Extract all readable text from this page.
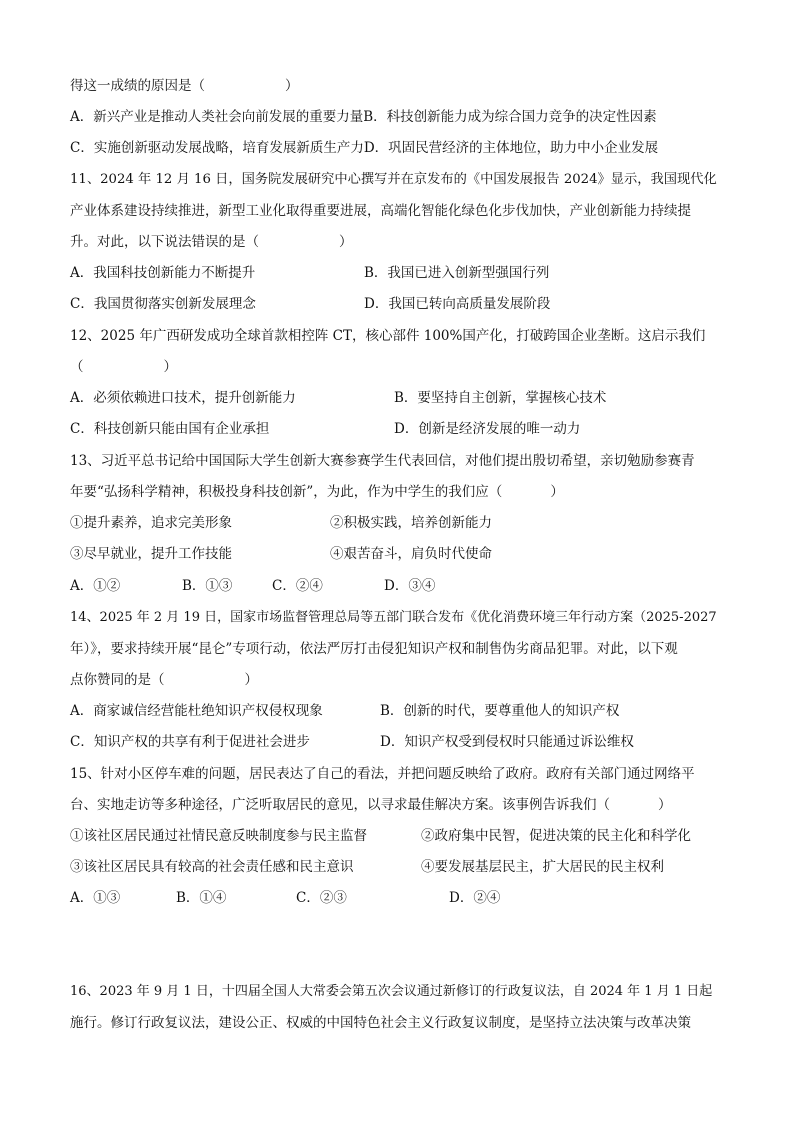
得这一成绩的原因是（	）
A．新兴产业是推动人类社会向前发展的重要力量B．科技创新能力成为综合国力竞争的决定性因素
C．实施创新驱动发展战略，培育发展新质生产力D．巩固民营经济的主体地位，助力中小企业发展
11、2024 年 12 月 16 日，国务院发展研究中心撰写并在京发布的《中国发展报告 2024》显示，我国现代化
产业体系建设持续推进，新型工业化取得重要进展，高端化智能化绿色化步伐加快，产业创新能力持续提
升。对此，以下说法错误的是（	）
A．我国科技创新能力不断提升	B．我国已进入创新型强国行列
C．我国贯彻落实创新发展理念	D．我国已转向高质量发展阶段
12、2025 年广西研发成功全球首款相控阵 CT，核心部件 100%国产化，打破跨国企业垄断。这启示我们
（	）
A．必须依赖进口技术，提升创新能力	B．要坚持自主创新，掌握核心技术
C．科技创新只能由国有企业承担	D．创新是经济发展的唯一动力
13、习近平总书记给中国国际大学生创新大赛参赛学生代表回信，对他们提出殷切希望，亲切勉励参赛青
年要“弘扬科学精神，积极投身科技创新”，为此，作为中学生的我们应（	）
①提升素养，追求完美形象	②积极实践，培养创新能力
③尽早就业，提升工作技能	④艰苦奋斗，肩负时代使命
A．①②	B．①③	C．②④	D．③④
14、2025 年 2 月 19 日，国家市场监督管理总局等五部门联合发布《优化消费环境三年行动方案（2025-2027
年）》，要求持续开展“昆仑”专项行动，依法严厉打击侵犯知识产权和制售伪劣商品犯罪。对此，以下观
点你赞同的是（	）
A．商家诚信经营能杜绝知识产权侵权现象	B．创新的时代，要尊重他人的知识产权
C．知识产权的共享有利于促进社会进步	D．知识产权受到侵权时只能通过诉讼维权
15、针对小区停车难的问题，居民表达了自己的看法，并把问题反映给了政府。政府有关部门通过网络平
台、实地走访等多种途径，广泛听取居民的意见，以寻求最佳解决方案。该事例告诉我们（	）
①该社区居民通过社情民意反映制度参与民主监督	②政府集中民智，促进决策的民主化和科学化
③该社区居民具有较高的社会责任感和民主意识	④要发展基层民主，扩大居民的民主权利
A．①③	B．①④	C．②③	D．②④
16、2023 年 9 月 1 日，十四届全国人大常委会第五次会议通过新修订的行政复议法，自 2024 年 1 月 1 日起
施行。修订行政复议法，建设公正、权威的中国特色社会主义行政复议制度，是坚持立法决策与改革决策
